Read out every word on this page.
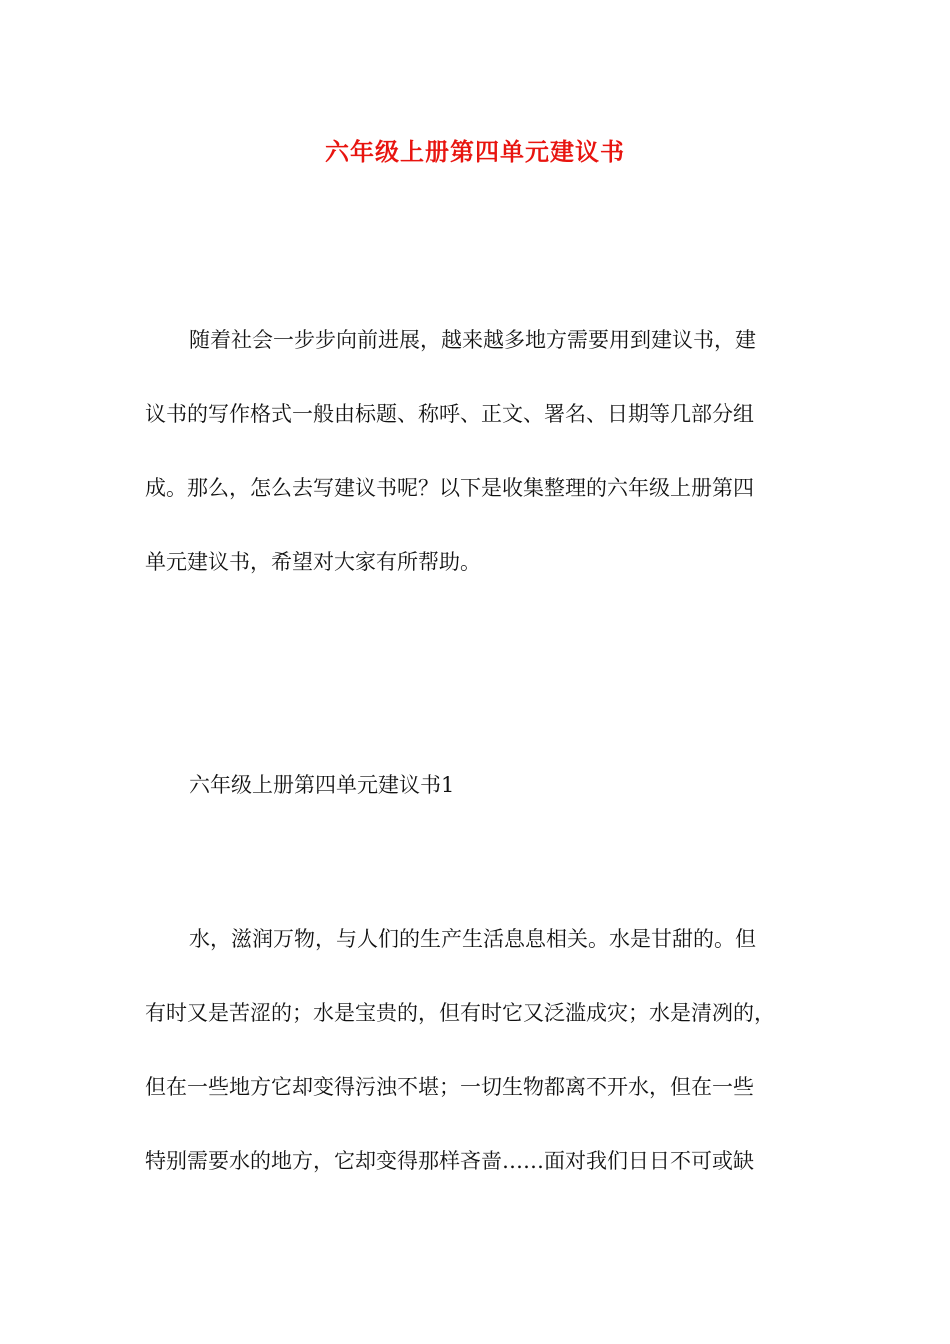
六年级上册第四单元建议书
随着社会一步步向前进展，越来越多地方需要用到建议书，建
议书的写作格式一般由标题、称呼、正文、署名、日期等几部分组
成。那么，怎么去写建议书呢？以下是收集整理的六年级上册第四
单元建议书，希望对大家有所帮助。
六年级上册第四单元建议书1
水，滋润万物，与人们的生产生活息息相关。水是甘甜的。但
有时又是苦涩的；水是宝贵的，但有时它又泛滥成灾；水是清冽的，
但在一些地方它却变得污浊不堪；一切生物都离不开水，但在一些
特别需要水的地方，它却变得那样吝啬……面对我们日日不可或缺
